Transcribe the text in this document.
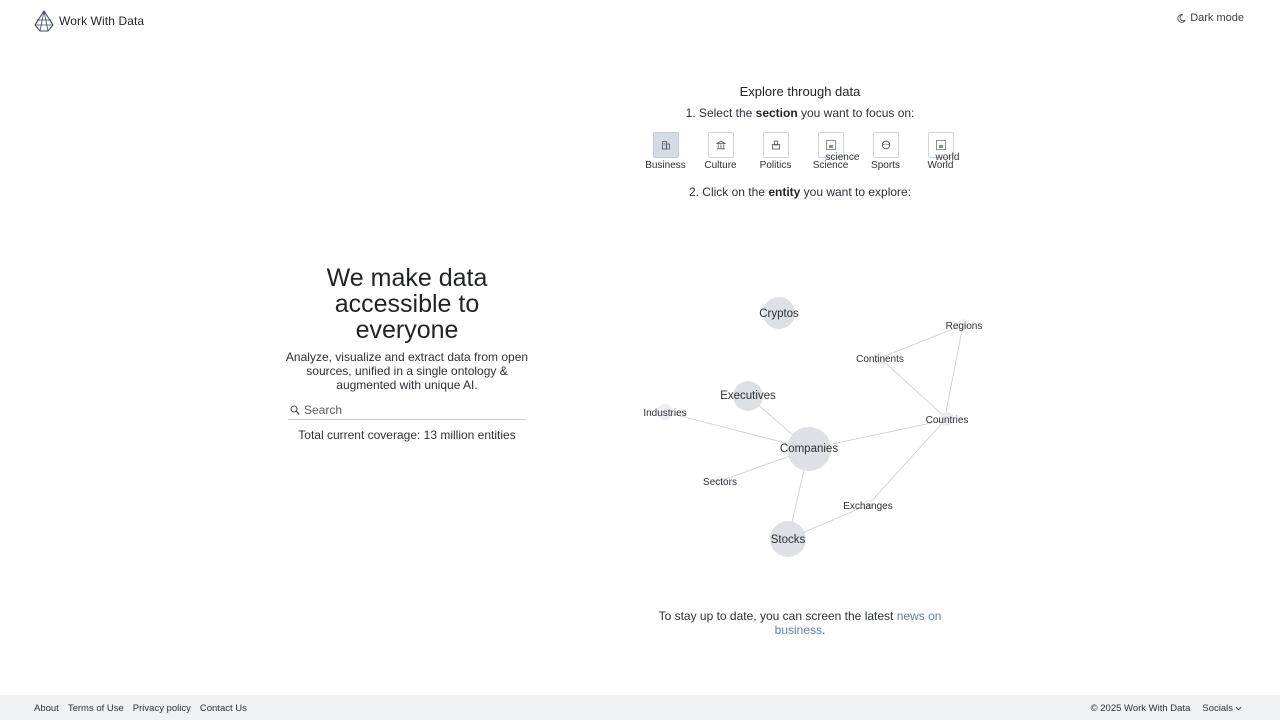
Work With Data	Dark mode
We make data accessible to everyone

Analyze, visualize and extract data from open sources, unified in a single ontology & augmented with unique AI.

Search
Total current coverage: 13 million entities
Explore through data
1. Select the section you want to focus on:
Business Culture Politics
science
Science Sports
world
World
2. Click on the entity you want to explore:
Cryptos
Executives
Companies
Stocks
Regions
Continents
Industries
Countries
Sectors
Exchanges
To stay up to date, you can screen the latest news on business.
About Terms of Use Privacy policy Contact Us	© 2025 Work With Data Socials
